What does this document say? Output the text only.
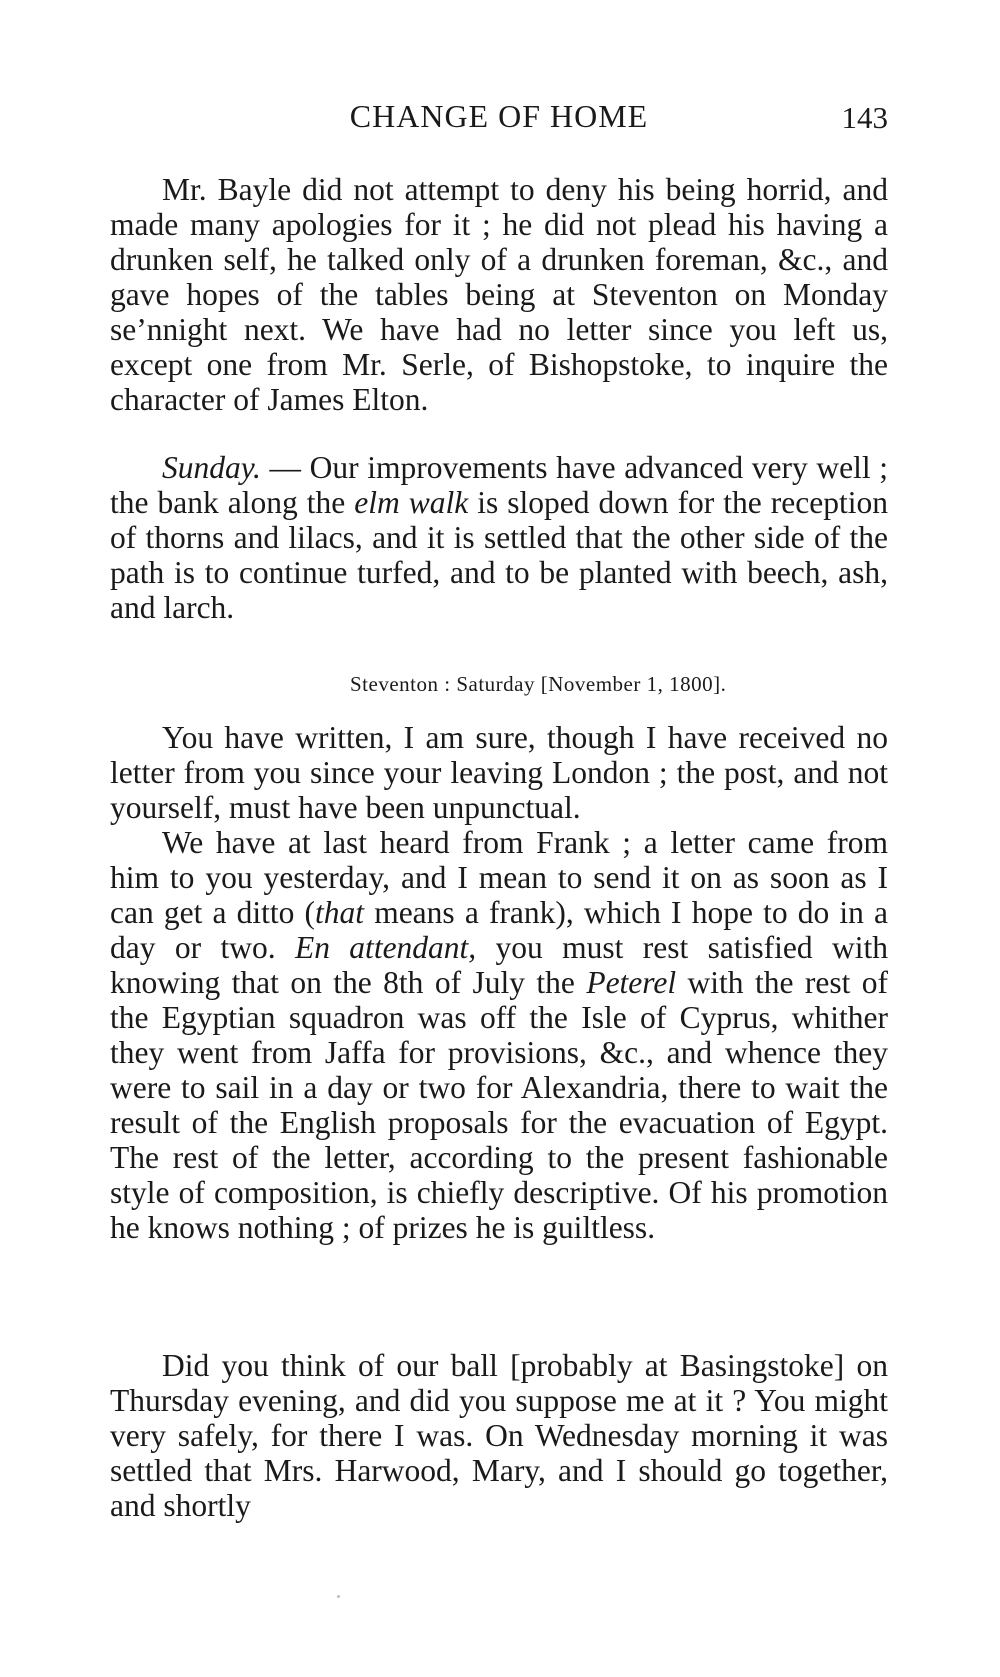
CHANGE OF HOME	143

Mr. Bayle did not attempt to deny his being horrid, and made many apologies for it ; he did not plead his having a drunken self, he talked only of a drunken foreman, &c., and gave hopes of the tables being at Steventon on Monday se’nnight next. We have had no letter since you left us, except one from Mr. Serle, of Bishopstoke, to inquire the character of James Elton.

Sunday. — Our improvements have advanced very well ; the bank along the elm walk is sloped down for the reception of thorns and lilacs, and it is settled that the other side of the path is to continue turfed, and to be planted with beech, ash, and larch.

Steventon : Saturday [November 1, 1800].

You have written, I am sure, though I have received no letter from you since your leaving London ; the post, and not yourself, must have been unpunctual.

We have at last heard from Frank ; a letter came from him to you yesterday, and I mean to send it on as soon as I can get a ditto (that means a frank), which I hope to do in a day or two. En attendant, you must rest satisfied with knowing that on the 8th of July the Peterel with the rest of the Egyptian squadron was off the Isle of Cyprus, whither they went from Jaffa for provisions, &c., and whence they were to sail in a day or two for Alexandria, there to wait the result of the English proposals for the evacuation of Egypt. The rest of the letter, according to the present fashionable style of composition, is chiefly descriptive. Of his promotion he knows nothing ; of prizes he is guiltless.

Did you think of our ball [probably at Basingstoke] on Thursday evening, and did you suppose me at it ? You might very safely, for there I was. On Wednesday morning it was settled that Mrs. Harwood, Mary, and I should go together, and shortly
